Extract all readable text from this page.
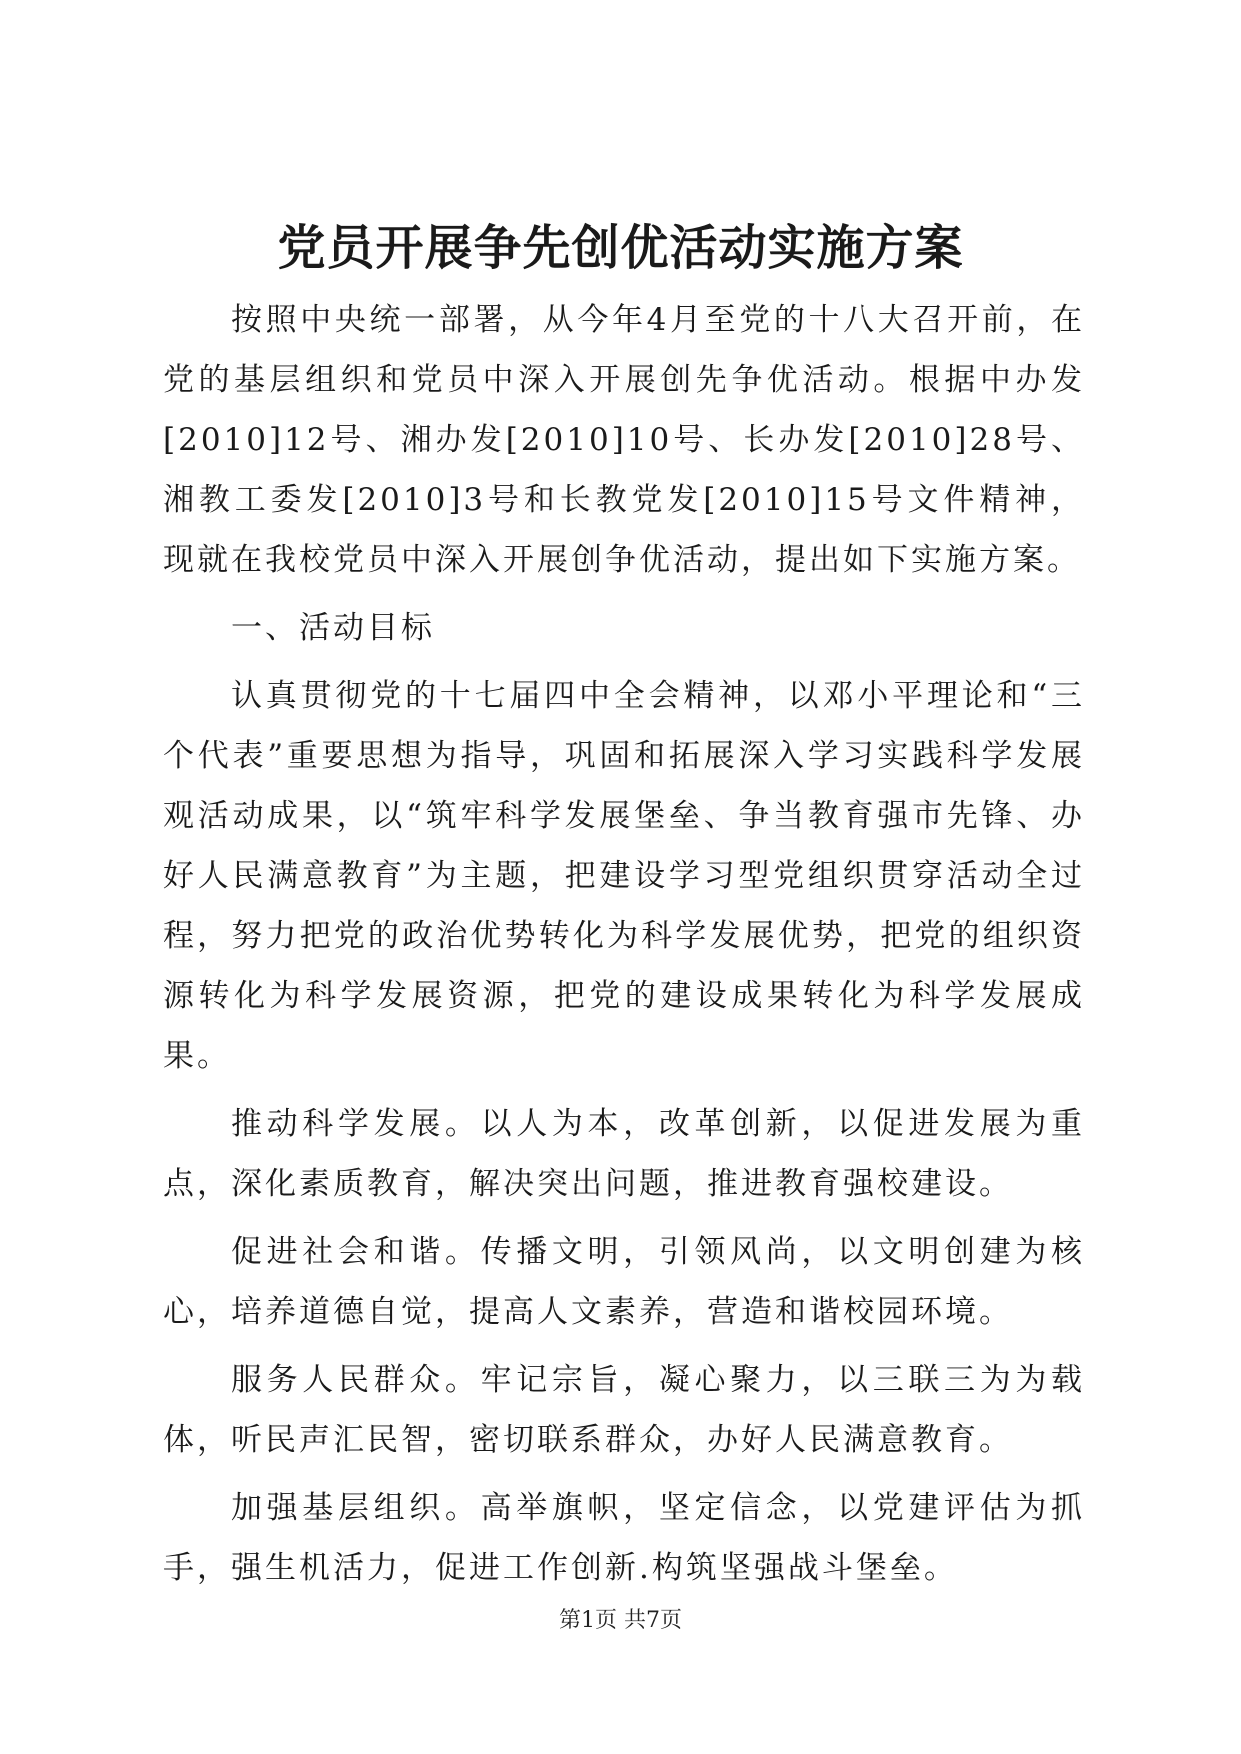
党员开展争先创优活动实施方案

按照中央统一部署，从今年4月至党的十八大召开前，在党的基层组织和党员中深入开展创先争优活动。根据中办发[2010]12号、湘办发[2010]10号、长办发[2010]28号、湘教工委发[2010]3号和长教党发[2010]15号文件精神，现就在我校党员中深入开展创争优活动，提出如下实施方案。

一、活动目标

认真贯彻党的十七届四中全会精神，以邓小平理论和“三个代表”重要思想为指导，巩固和拓展深入学习实践科学发展观活动成果，以“筑牢科学发展堡垒、争当教育强市先锋、办好人民满意教育”为主题，把建设学习型党组织贯穿活动全过程，努力把党的政治优势转化为科学发展优势，把党的组织资源转化为科学发展资源，把党的建设成果转化为科学发展成果。

推动科学发展。以人为本，改革创新，以促进发展为重点，深化素质教育，解决突出问题，推进教育强校建设。

促进社会和谐。传播文明，引领风尚，以文明创建为核心，培养道德自觉，提高人文素养，营造和谐校园环境。

服务人民群众。牢记宗旨，凝心聚力，以三联三为为载体，听民声汇民智，密切联系群众，办好人民满意教育。

加强基层组织。高举旗帜，坚定信念，以党建评估为抓手，强生机活力，促进工作创新.构筑坚强战斗堡垒。

第1页 共7页
